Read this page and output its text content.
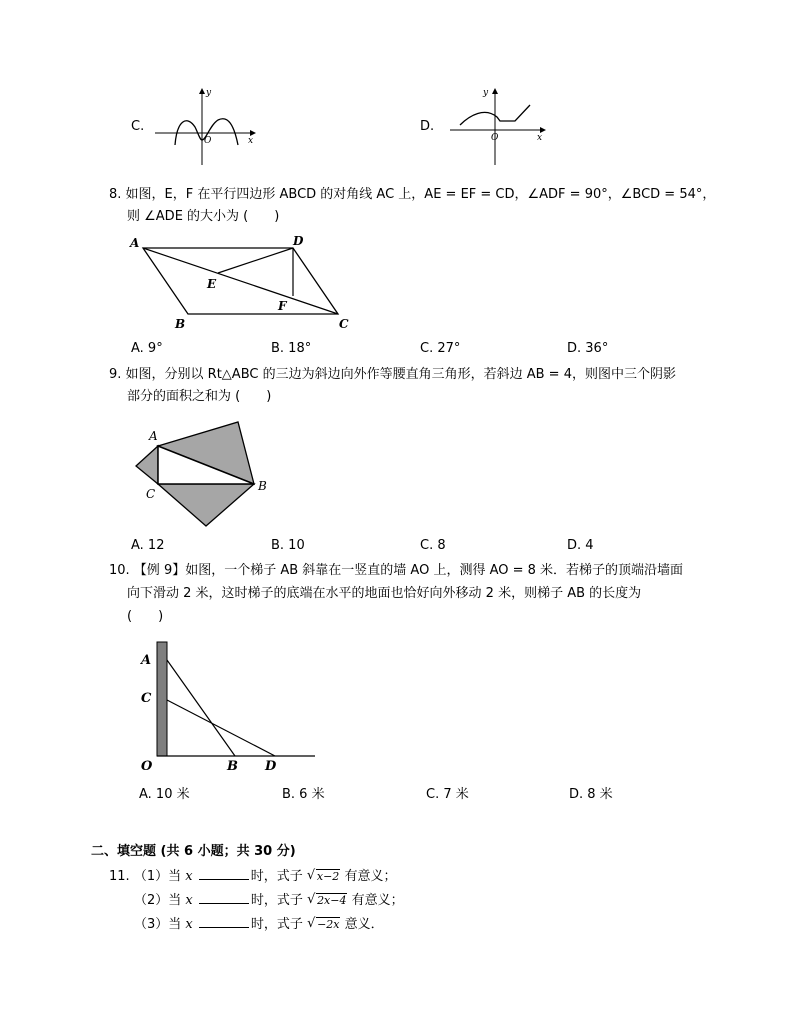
C.
y
x
O
D.
y
x
O
8. 如图，E，F 在平行四边形 ABCD 的对角线 AC 上，AE = EF = CD，∠ADF = 90°，∠BCD = 54°，
则 ∠ADE 的大小为 (　　)
A	D
E
F
B	C
A. 9°	B. 18°	C. 27°	D. 36°
9. 如图，分别以 Rt△ABC 的三边为斜边向外作等腰直角三角形，若斜边 AB = 4，则图中三个阴影
部分的面积之和为 (　　)
A
C
B
A. 12	B. 10	C. 8	D. 4
10. 【例 9】如图，一个梯子 AB 斜靠在一竖直的墙 AO 上，测得 AO = 8 米．若梯子的顶端沿墙面
向下滑动 2 米，这时梯子的底端在水平的地面也恰好向外移动 2 米，则梯子 AB 的长度为
(　　)
A
C
O	B D
A. 10 米	B. 6 米	C. 7 米	D. 8 米
二、填空题 (共 6 小题；共 30 分)
11. （1）当 x	时，式子 √ x−2 有意义；
（2）当 x	时，式子 √ 2x−4 有意义；
（3）当 x	时，式子 √ −2x 意义．
